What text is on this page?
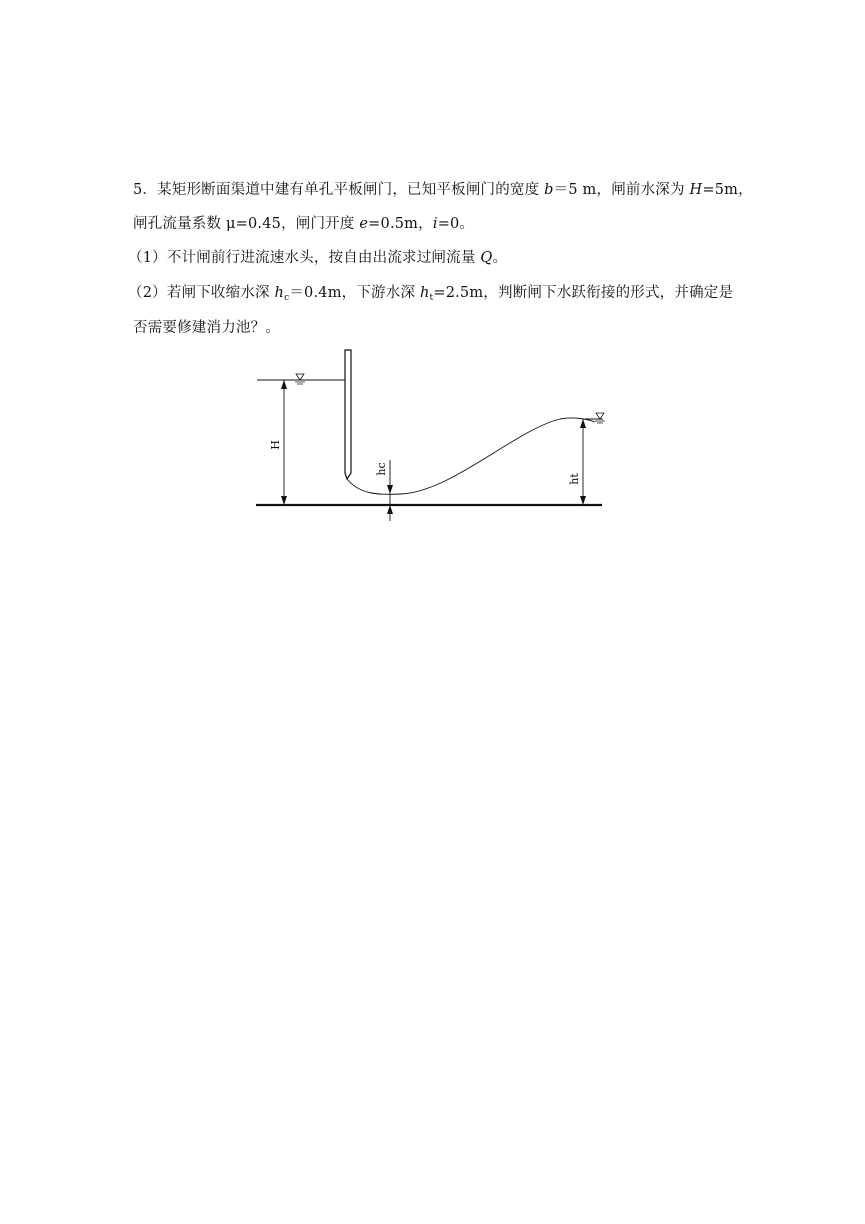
5．某矩形断面渠道中建有单孔平板闸门，已知平板闸门的宽度 b＝5 m，闸前水深为 H=5m，
闸孔流量系数 μ=0.45，闸门开度 e=0.5m，i=0。
（1）不计闸前行进流速水头，按自由出流求过闸流量 Q。
（2）若闸下收缩水深 $h_c=0.4m$，下游水深 $h_t=2.5m$，判断闸下水跃衔接的形式，并确定是
否需要修建消力池？。
H
hc
ht
